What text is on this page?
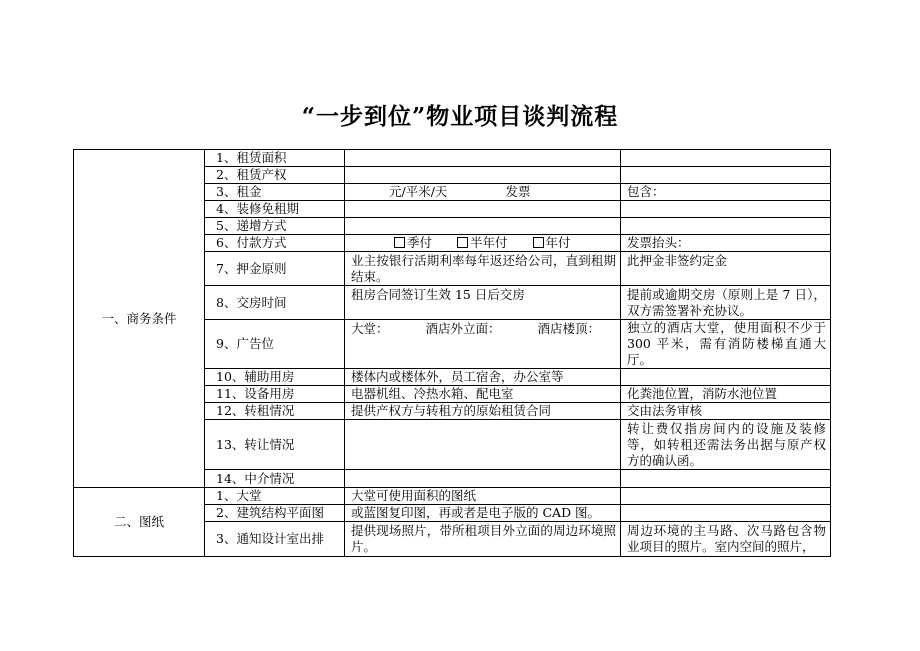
“一步到位”物业项目谈判流程
一、商务条件	1、租赁面积		
	2、租赁产权		
	3、租金	元/平米/天 发票	包含：
	4、装修免租期		
	5、递增方式		
	6、付款方式	季付 半年付 年付	发票抬头：
	7、押金原则	业主按银行活期利率每年返还给公司，直到租期结束。	此押金非签约定金
	8、交房时间	租房合同签订生效 15 日后交房	提前或逾期交房（原则上是 7 日），双方需签署补充协议。
	9、广告位	大堂： 酒店外立面： 酒店楼顶：	独立的酒店大堂，使用面积不少于 300 平米，需有消防楼梯直通大厅。
	10、辅助用房	楼体内或楼体外，员工宿舍，办公室等	
	11、设备用房	电器机组、冷热水箱、配电室	化粪池位置，消防水池位置
	12、转租情况	提供产权方与转租方的原始租赁合同	交由法务审核
	13、转让情况		转让费仅指房间内的设施及装修等，如转租还需法务出据与原产权方的确认函。
	14、中介情况		
二、图纸	1、大堂	大堂可使用面积的图纸	
	2、建筑结构平面图	或蓝图复印图，再或者是电子版的 CAD 图。	
	3、通知设计室出排	提供现场照片，带所租项目外立面的周边环境照片。	周边环境的主马路、次马路包含物业项目的照片。室内空间的照片，
